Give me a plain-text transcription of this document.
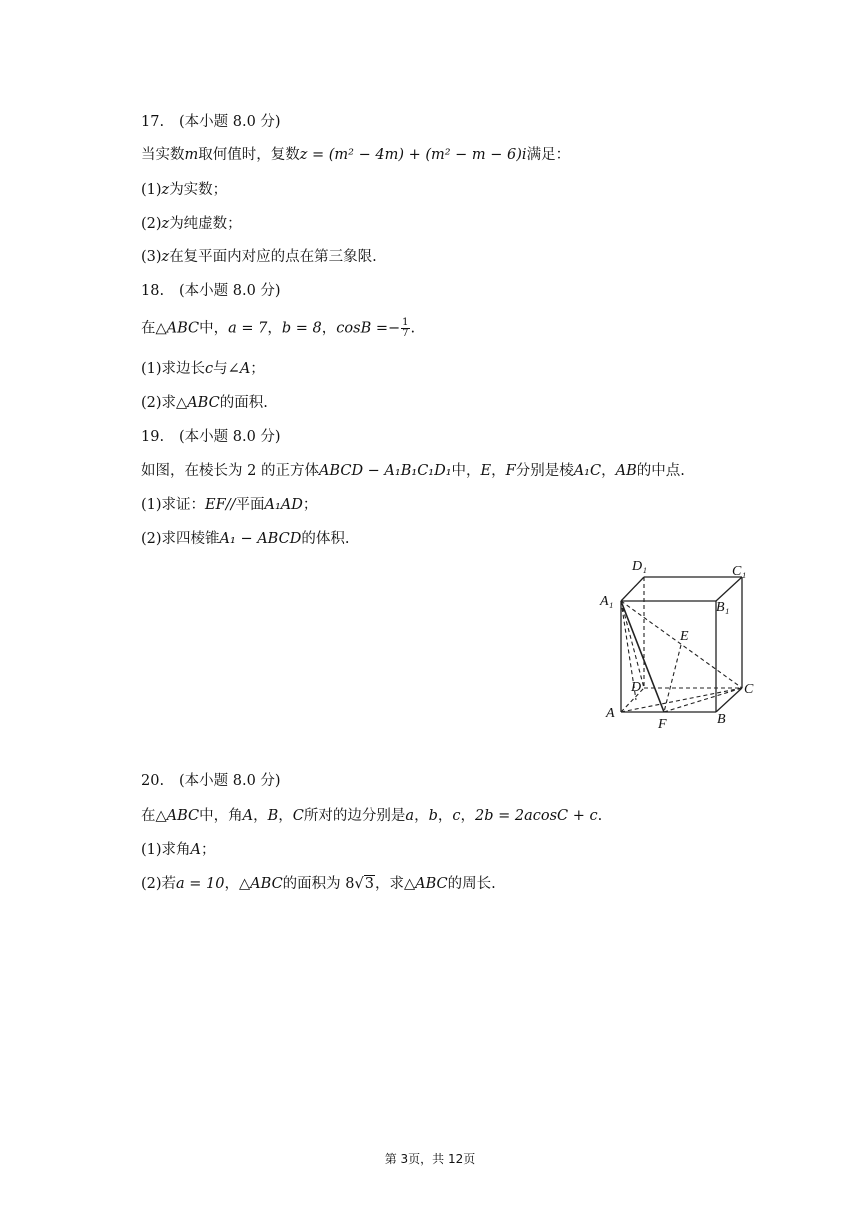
17. (本小题 8.0 分)
当实数m取何值时，复数z = (m² − 4m) + (m² − m − 6)i满足：
(1)z为实数；
(2)z为纯虚数；
(3)z在复平面内对应的点在第三象限.
18. (本小题 8.0 分)
在△ABC中，a = 7，b = 8，$\cos B =- \frac{1}{7}$ .
(1)求边长c与∠A；
(2)求△ABC的面积.
19. (本小题 8.0 分)
如图，在棱长为 2 的正方体ABCD − A₁B₁C₁D₁中，E，F分别是棱A₁C，AB的中点.
(1)求证：EF//平面A₁AD；
(2)求四棱锥A₁ − ABCD的体积.
D₁	C₁
A₁	B₁
E
D	C
A
F	B
20. (本小题 8.0 分)
在△ABC中，角A，B，C所对的边分别是a，b，c，2b = 2acosC + c.
(1)求角A；
(2)若a = 10，△ABC的面积为 8√3，求△ABC的周长.
第 3页，共 12页
